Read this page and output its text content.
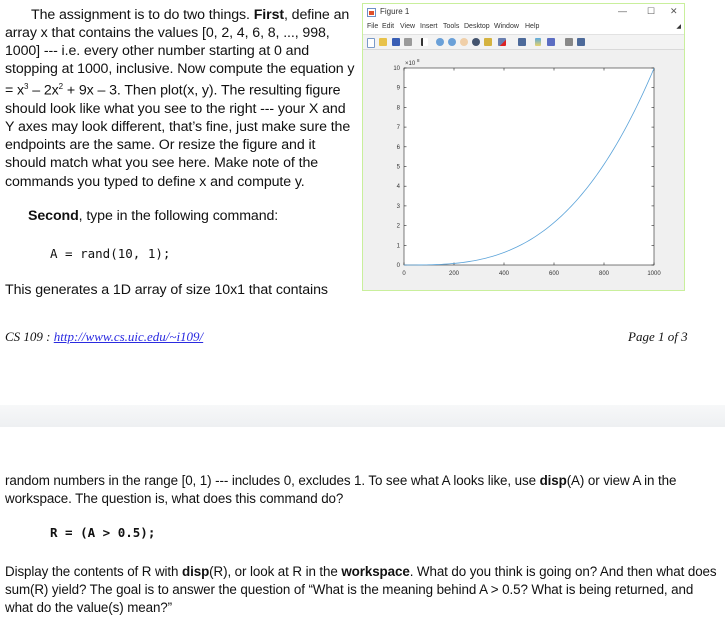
The assignment is to do two things. First, define an array x that contains the values [0, 2, 4, 6, 8, ..., 998, 1000] --- i.e. every other number starting at 0 and stopping at 1000, inclusive. Now compute the equation $y = x^3 - 2x^2 + 9x - 3$. Then plot(x, y). The resulting figure should look like what you see to the right --- your X and Y axes may look different, that’s fine, just make sure the endpoints are the same. Or resize the figure and it should match what you see here. Make note of the commands you typed to define x and compute y.
Second, type in the following command:
A = rand(10, 1);
This generates a 1D array of size 10x1 that contains
CS 109 : http://www.cs.uic.edu/~i109/	Page 1 of 3
Figure 1	— ☐ ✕
File Edit View Insert Tools Desktop Window Help	◢
0	200	400	600	800	1000
0
1
2
3
4
5
6
7
8
9
10
×10
8
random numbers in the range [0, 1) --- includes 0, excludes 1. To see what A looks like, use disp(A) or view A in the workspace. The question is, what does this command do?
R = (A > 0.5);
Display the contents of R with disp(R), or look at R in the workspace. What do you think is going on? And then what does sum(R) yield? The goal is to answer the question of “What is the meaning behind A > 0.5? What is being returned, and what do the value(s) mean?”
